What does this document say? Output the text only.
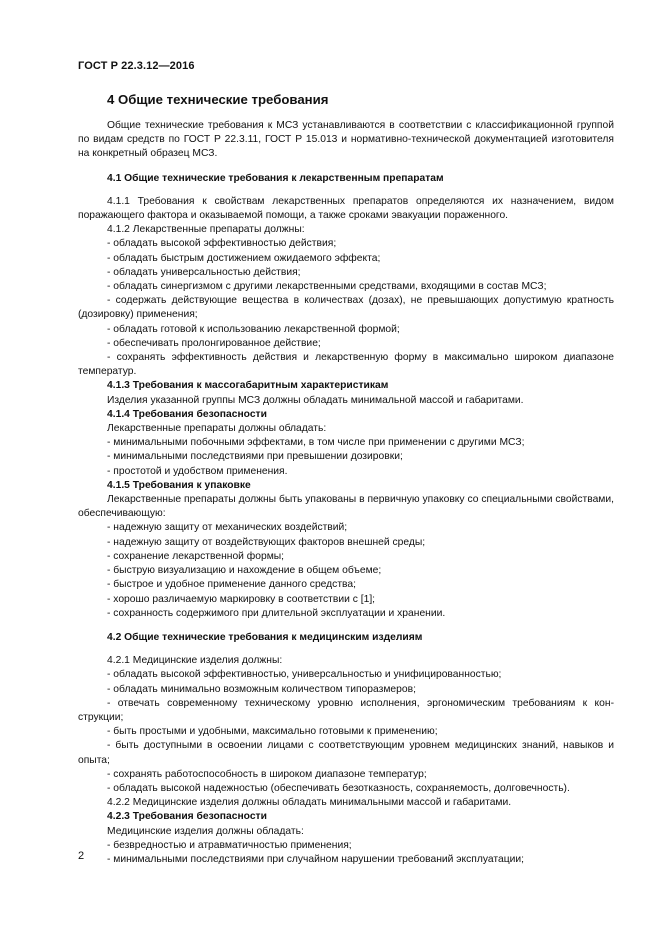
ГОСТ Р 22.3.12—2016
4 Общие технические требования

Общие технические требования к МСЗ устанавливаются в соответствии с классификационной группой по видам средств по ГОСТ Р 22.3.11, ГОСТ Р 15.013 и нормативно-технической документацией изготовителя на конкретный образец МСЗ.

4.1 Общие технические требования к лекарственным препаратам

4.1.1 Требования к свойствам лекарственных препаратов определяются их назначением, видом поражающего фактора и оказываемой помощи, а также сроками эвакуации пораженного.

4.1.2 Лекарственные препараты должны:

- обладать высокой эффективностью действия;

- обладать быстрым достижением ожидаемого эффекта;

- обладать универсальностью действия;

- обладать синергизмом с другими лекарственными средствами, входящими в состав МСЗ;

- содержать действующие вещества в количествах (дозах), не превышающих допустимую кратность (дозировку) применения;

- обладать готовой к использованию лекарственной формой;

- обеспечивать пролонгированное действие;

- сохранять эффективность действия и лекарственную форму в максимально широком диапазоне температур.

4.1.3 Требования к массогабаритным характеристикам

Изделия указанной группы МСЗ должны обладать минимальной массой и габаритами.

4.1.4 Требования безопасности

Лекарственные препараты должны обладать:

- минимальными побочными эффектами, в том числе при применении с другими МСЗ;

- минимальными последствиями при превышении дозировки;

- простотой и удобством применения.

4.1.5 Требования к упаковке

Лекарственные препараты должны быть упакованы в первичную упаковку со специальными свойствами, обеспечивающую:

- надежную защиту от механических воздействий;

- надежную защиту от воздействующих факторов внешней среды;

- сохранение лекарственной формы;

- быструю визуализацию и нахождение в общем объеме;

- быстрое и удобное применение данного средства;

- хорошо различаемую маркировку в соответствии с [1];

- сохранность содержимого при длительной эксплуатации и хранении.

4.2 Общие технические требования к медицинским изделиям

4.2.1 Медицинские изделия должны:

- обладать высокой эффективностью, универсальностью и унифицированностью;

- обладать минимально возможным количеством типоразмеров;

- отвечать современному техническому уровню исполнения, эргономическим требованиям к конструкции;

- быть простыми и удобными, максимально готовыми к применению;

- быть доступными в освоении лицами с соответствующим уровнем медицинских знаний, навыков и опыта;

- сохранять работоспособность в широком диапазоне температур;

- обладать высокой надежностью (обеспечивать безотказность, сохраняемость, долговечность).

4.2.2 Медицинские изделия должны обладать минимальными массой и габаритами.

4.2.3 Требования безопасности

Медицинские изделия должны обладать:

- безвредностью и атравматичностью применения;

- минимальными последствиями при случайном нарушении требований эксплуатации;

2
